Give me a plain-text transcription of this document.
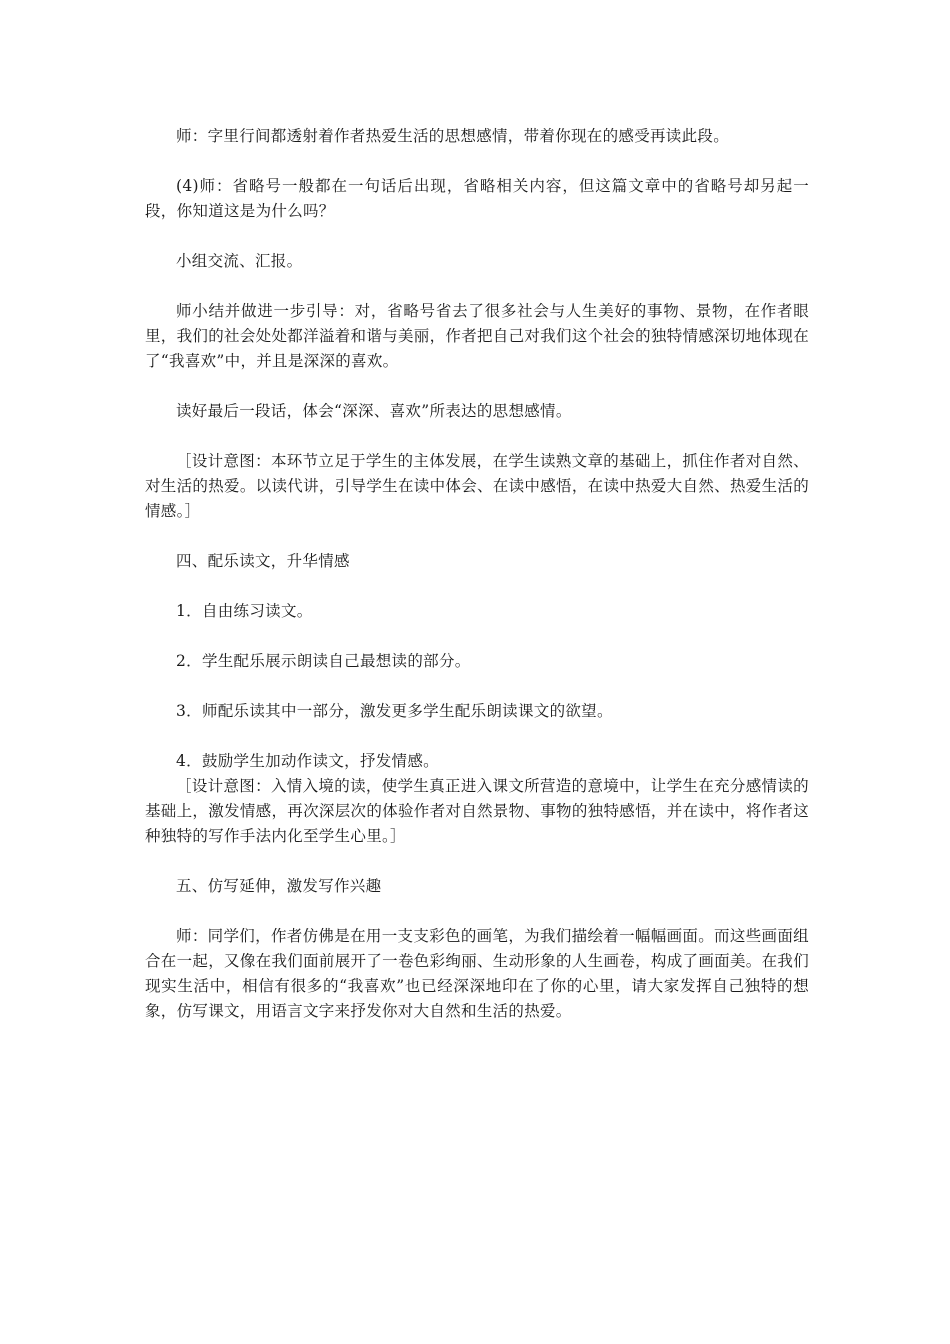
师：字里行间都透射着作者热爱生活的思想感情，带着你现在的感受再读此段。

(4)师：省略号一般都在一句话后出现，省略相关内容，但这篇文章中的省略号却另起一段，你知道这是为什么吗？

小组交流、汇报。

师小结并做进一步引导：对，省略号省去了很多社会与人生美好的事物、景物，在作者眼里，我们的社会处处都洋溢着和谐与美丽，作者把自己对我们这个社会的独特情感深切地体现在了“我喜欢”中，并且是深深的喜欢。

读好最后一段话，体会“深深、喜欢”所表达的思想感情。

［设计意图：本环节立足于学生的主体发展，在学生读熟文章的基础上，抓住作者对自然、对生活的热爱。以读代讲，引导学生在读中体会、在读中感悟，在读中热爱大自然、热爱生活的情感。］

四、配乐读文，升华情感

1．自由练习读文。

2．学生配乐展示朗读自己最想读的部分。

3．师配乐读其中一部分，激发更多学生配乐朗读课文的欲望。

4．鼓励学生加动作读文，抒发情感。

［设计意图：入情入境的读，使学生真正进入课文所营造的意境中，让学生在充分感情读的基础上，激发情感，再次深层次的体验作者对自然景物、事物的独特感悟，并在读中，将作者这种独特的写作手法内化至学生心里。］

五、仿写延伸，激发写作兴趣

师：同学们，作者仿佛是在用一支支彩色的画笔，为我们描绘着一幅幅画面。而这些画面组合在一起，又像在我们面前展开了一卷色彩绚丽、生动形象的人生画卷，构成了画面美。在我们现实生活中，相信有很多的“我喜欢”也已经深深地印在了你的心里，请大家发挥自己独特的想象，仿写课文，用语言文字来抒发你对大自然和生活的热爱。
